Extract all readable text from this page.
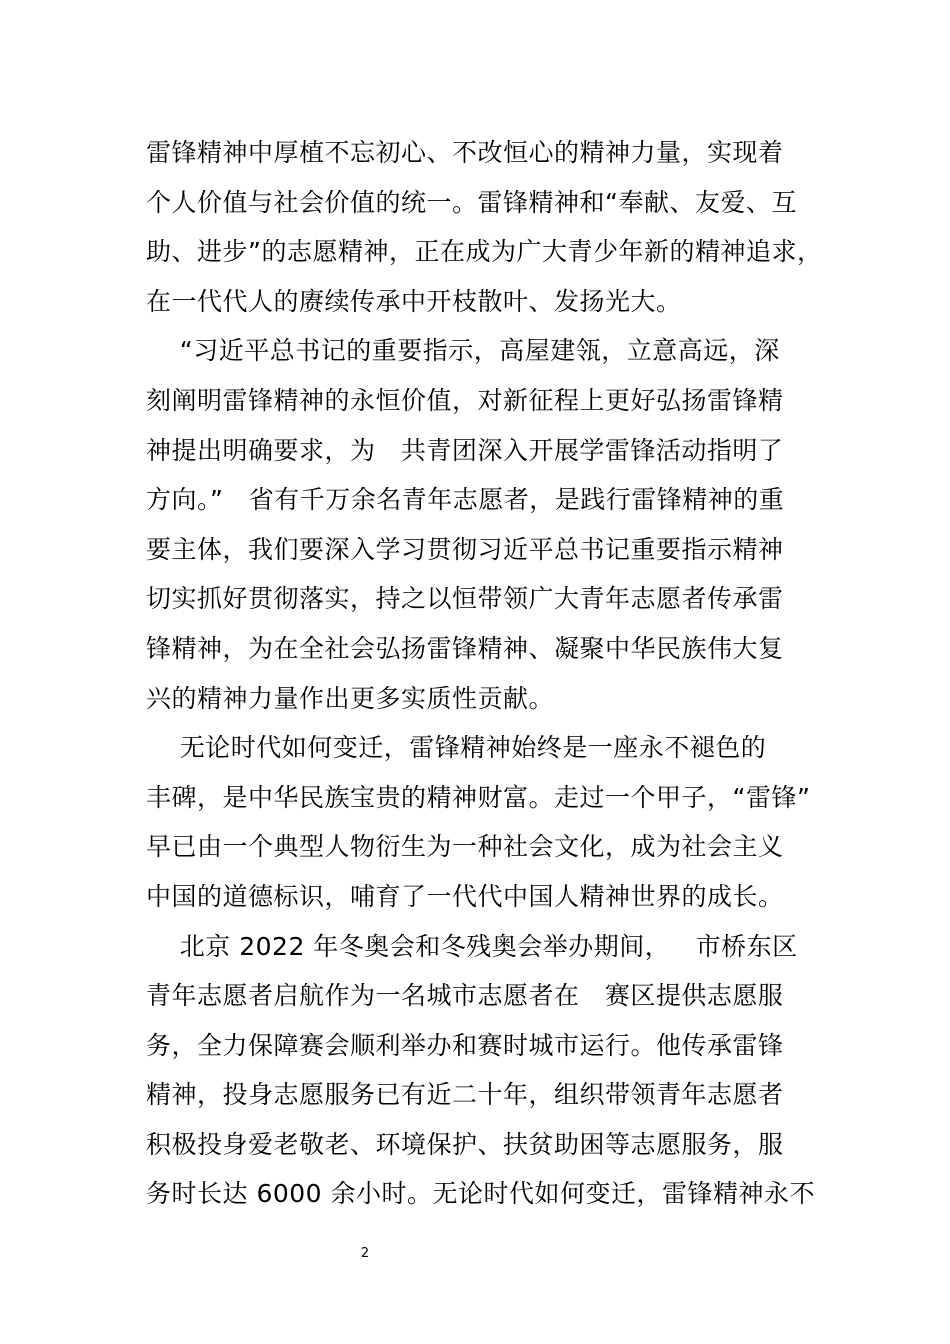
雷锋精神中厚植不忘初心、不改恒心的精神力量，实现着
个人价值与社会价值的统一。雷锋精神和“奉献、友爱、互
助、进步”的志愿精神，正在成为广大青少年新的精神追求，
在一代代人的赓续传承中开枝散叶、发扬光大。
“习近平总书记的重要指示，高屋建瓴，立意高远，深
刻阐明雷锋精神的永恒价值，对新征程上更好弘扬雷锋精
神提出明确要求，为   共青团深入开展学雷锋活动指明了
方向。”   省有千万余名青年志愿者，是践行雷锋精神的重
要主体，我们要深入学习贯彻习近平总书记重要指示精神
切实抓好贯彻落实，持之以恒带领广大青年志愿者传承雷
锋精神，为在全社会弘扬雷锋精神、凝聚中华民族伟大复
兴的精神力量作出更多实质性贡献。
无论时代如何变迁，雷锋精神始终是一座永不褪色的
丰碑，是中华民族宝贵的精神财富。走过一个甲子，“雷锋”
早已由一个典型人物衍生为一种社会文化，成为社会主义
中国的道德标识，哺育了一代代中国人精神世界的成长。
北京 2022 年冬奥会和冬残奥会举办期间，   市桥东区
青年志愿者启航作为一名城市志愿者在   赛区提供志愿服
务，全力保障赛会顺利举办和赛时城市运行。他传承雷锋
精神，投身志愿服务已有近二十年，组织带领青年志愿者
积极投身爱老敬老、环境保护、扶贫助困等志愿服务，服
务时长达 6000 余小时。无论时代如何变迁，雷锋精神永不
2
